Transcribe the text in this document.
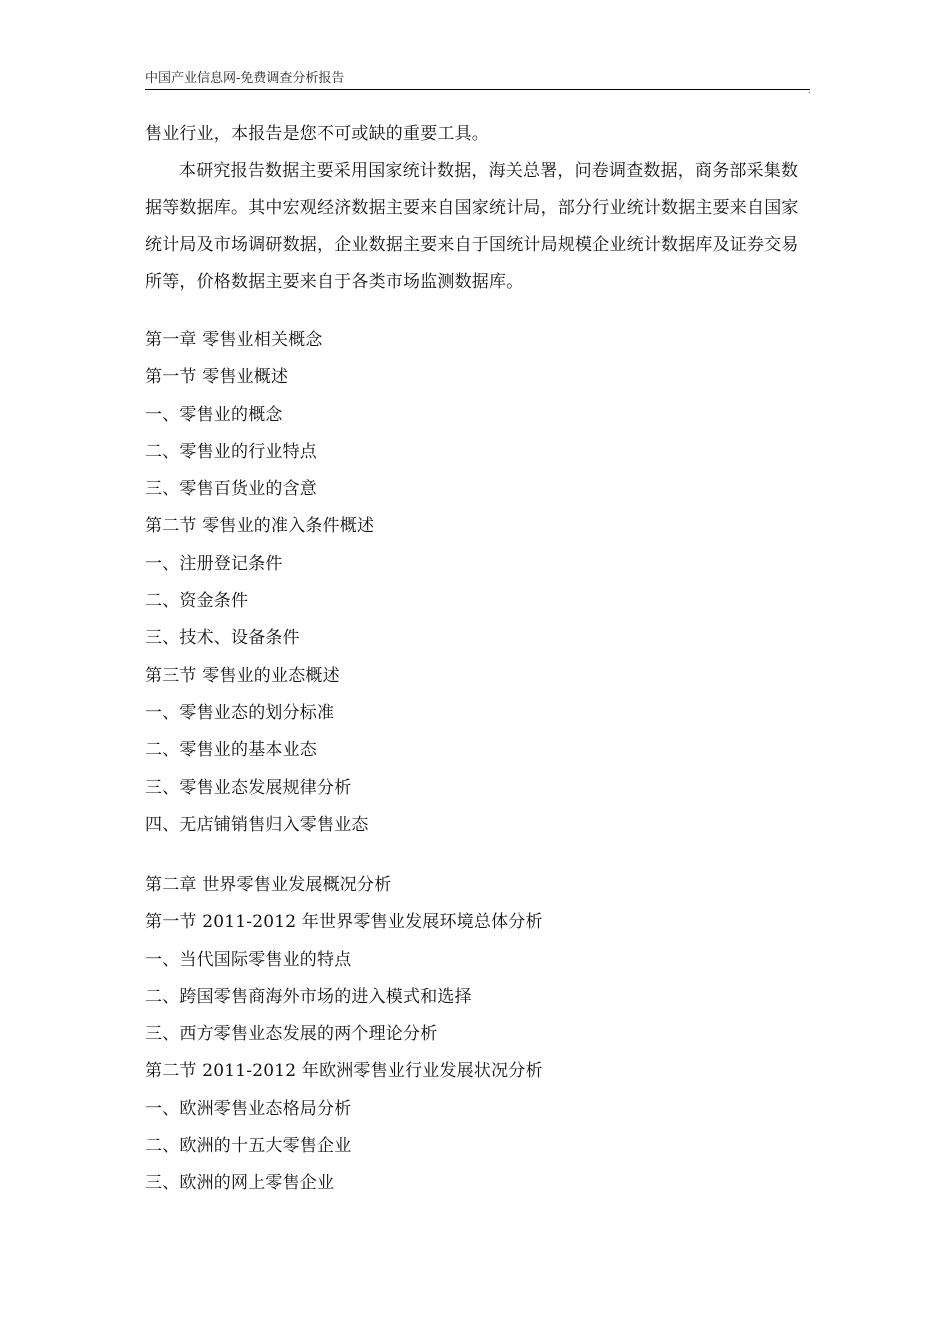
中国产业信息网-免费调查分析报告
.
售业行业，本报告是您不可或缺的重要工具。
本研究报告数据主要采用国家统计数据，海关总署，问卷调查数据，商务部采集数据等数据库。其中宏观经济数据主要来自国家统计局，部分行业统计数据主要来自国家统计局及市场调研数据，企业数据主要来自于国统计局规模企业统计数据库及证券交易所等，价格数据主要来自于各类市场监测数据库。
第一章 零售业相关概念
第一节 零售业概述
一、零售业的概念
二、零售业的行业特点
三、零售百货业的含意
第二节 零售业的准入条件概述
一、注册登记条件
二、资金条件
三、技术、设备条件
第三节 零售业的业态概述
一、零售业态的划分标准
二、零售业的基本业态
三、零售业态发展规律分析
四、无店铺销售归入零售业态
第二章 世界零售业发展概况分析
第一节 2011-2012 年世界零售业发展环境总体分析
一、当代国际零售业的特点
二、跨国零售商海外市场的进入模式和选择
三、西方零售业态发展的两个理论分析
第二节 2011-2012 年欧洲零售业行业发展状况分析
一、欧洲零售业态格局分析
二、欧洲的十五大零售企业
三、欧洲的网上零售企业
